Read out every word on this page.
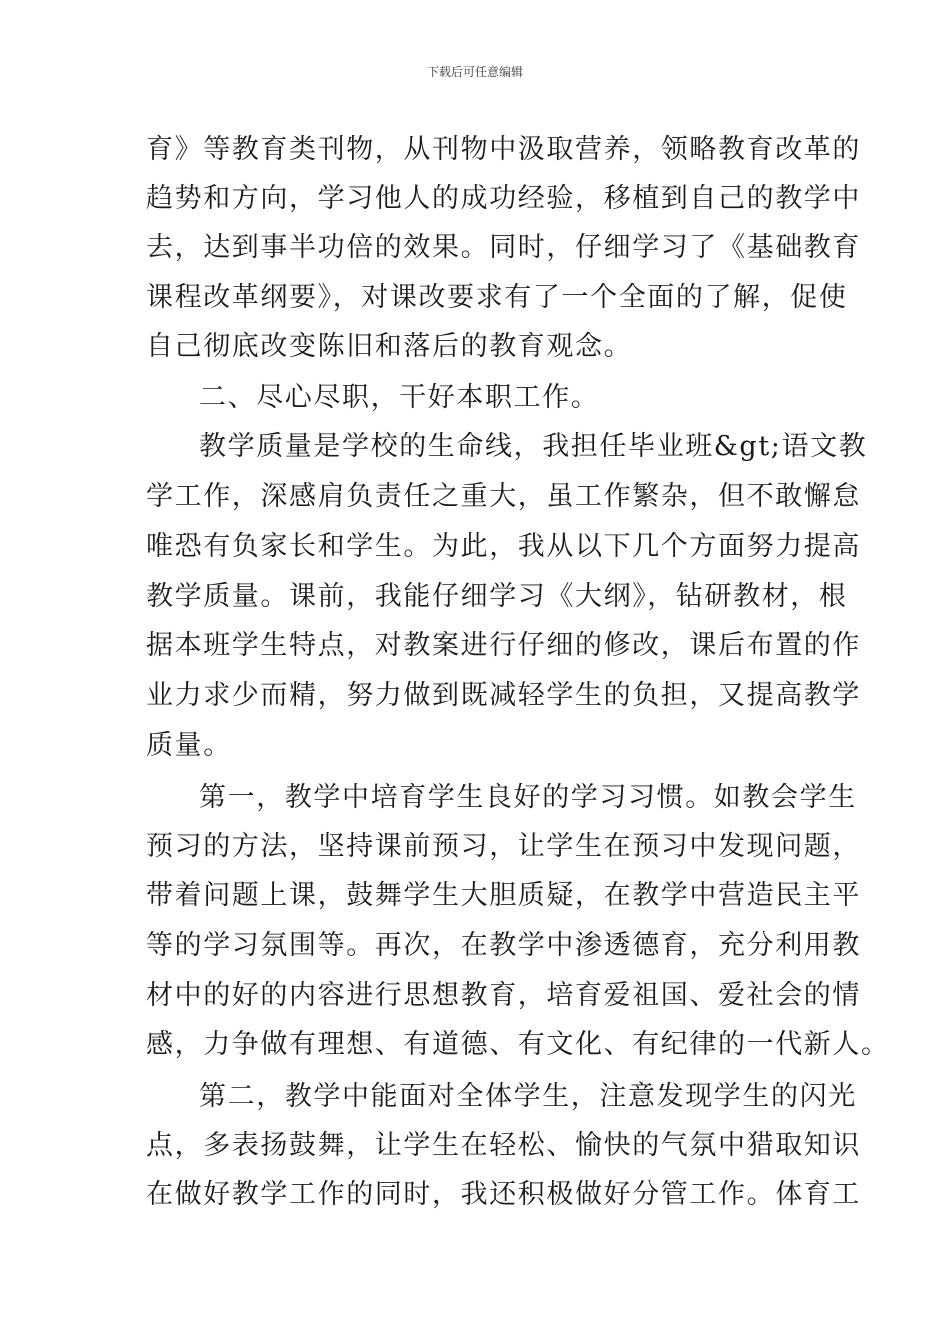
下载后可任意编辑
育》等教育类刊物，从刊物中汲取营养，领略教育改革的
趋势和方向，学习他人的成功经验，移植到自己的教学中
去，达到事半功倍的效果。同时，仔细学习了《基础教育
课程改革纲要》，对课改要求有了一个全面的了解，促使
自己彻底改变陈旧和落后的教育观念。
二、尽心尽职，干好本职工作。
教学质量是学校的生命线，我担任毕业班&gt;语文教
学工作，深感肩负责任之重大，虽工作繁杂，但不敢懈怠
唯恐有负家长和学生。为此，我从以下几个方面努力提高
教学质量。课前，我能仔细学习《大纲》，钻研教材，根
据本班学生特点，对教案进行仔细的修改，课后布置的作
业力求少而精，努力做到既减轻学生的负担，又提高教学
质量。
第一，教学中培育学生良好的学习习惯。如教会学生
预习的方法，坚持课前预习，让学生在预习中发现问题，
带着问题上课，鼓舞学生大胆质疑，在教学中营造民主平
等的学习氛围等。再次，在教学中渗透德育，充分利用教
材中的好的内容进行思想教育，培育爱祖国、爱社会的情
感，力争做有理想、有道德、有文化、有纪律的一代新人。
第二，教学中能面对全体学生，注意发现学生的闪光
点，多表扬鼓舞，让学生在轻松、愉快的气氛中猎取知识
在做好教学工作的同时，我还积极做好分管工作。体育工
